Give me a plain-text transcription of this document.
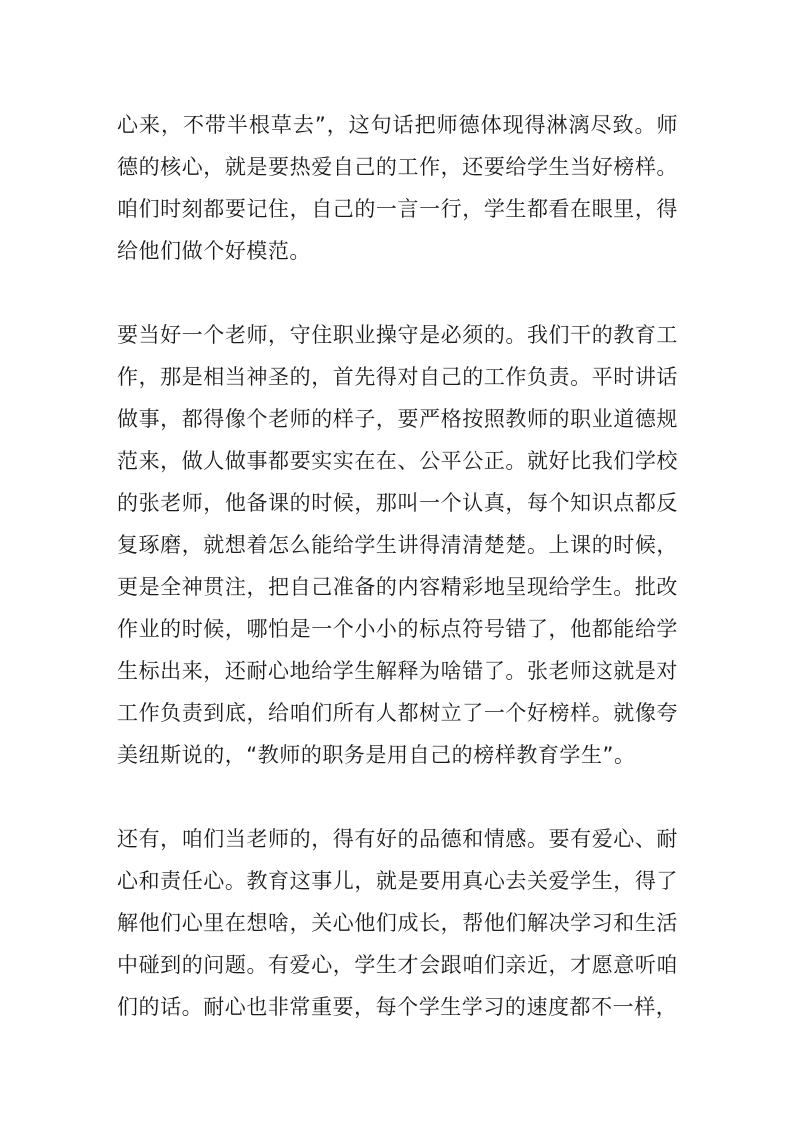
心来，不带半根草去”，这句话把师德体现得淋漓尽致。师德的核心，就是要热爱自己的工作，还要给学生当好榜样。咱们时刻都要记住，自己的一言一行，学生都看在眼里，得给他们做个好模范。

要当好一个老师，守住职业操守是必须的。我们干的教育工作，那是相当神圣的，首先得对自己的工作负责。平时讲话做事，都得像个老师的样子，要严格按照教师的职业道德规范来，做人做事都要实实在在、公平公正。就好比我们学校的张老师，他备课的时候，那叫一个认真，每个知识点都反复琢磨，就想着怎么能给学生讲得清清楚楚。上课的时候，更是全神贯注，把自己准备的内容精彩地呈现给学生。批改作业的时候，哪怕是一个小小的标点符号错了，他都能给学生标出来，还耐心地给学生解释为啥错了。张老师这就是对工作负责到底，给咱们所有人都树立了一个好榜样。就像夸美纽斯说的，“教师的职务是用自己的榜样教育学生”。

还有，咱们当老师的，得有好的品德和情感。要有爱心、耐心和责任心。教育这事儿，就是要用真心去关爱学生，得了解他们心里在想啥，关心他们成长，帮他们解决学习和生活中碰到的问题。有爱心，学生才会跟咱们亲近，才愿意听咱们的话。耐心也非常重要，每个学生学习的速度都不一样，
